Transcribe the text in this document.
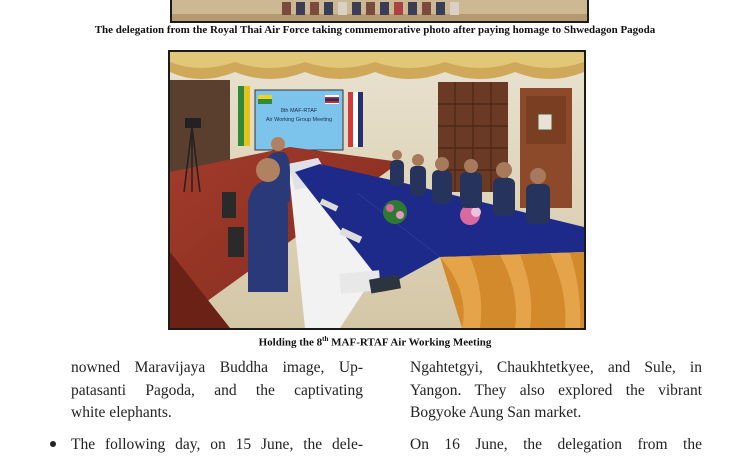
The delegation from the Royal Thai Air Force taking commemorative photo after paying homage to Shwedagon Pagoda
8th MAF-RTAF
Air Working Group Meeting
Holding the 8th MAF-RTAF Air Working Meeting

nowned Maravijaya Buddha image, Up-

patasanti Pagoda, and the captivating

white elephants.

The following day, on 15 June, the dele-

Ngahtetgyi, Chaukhtetkyee, and Sule, in

Yangon. They also explored the vibrant

Bogyoke Aung San market.

On 16 June, the delegation from the
